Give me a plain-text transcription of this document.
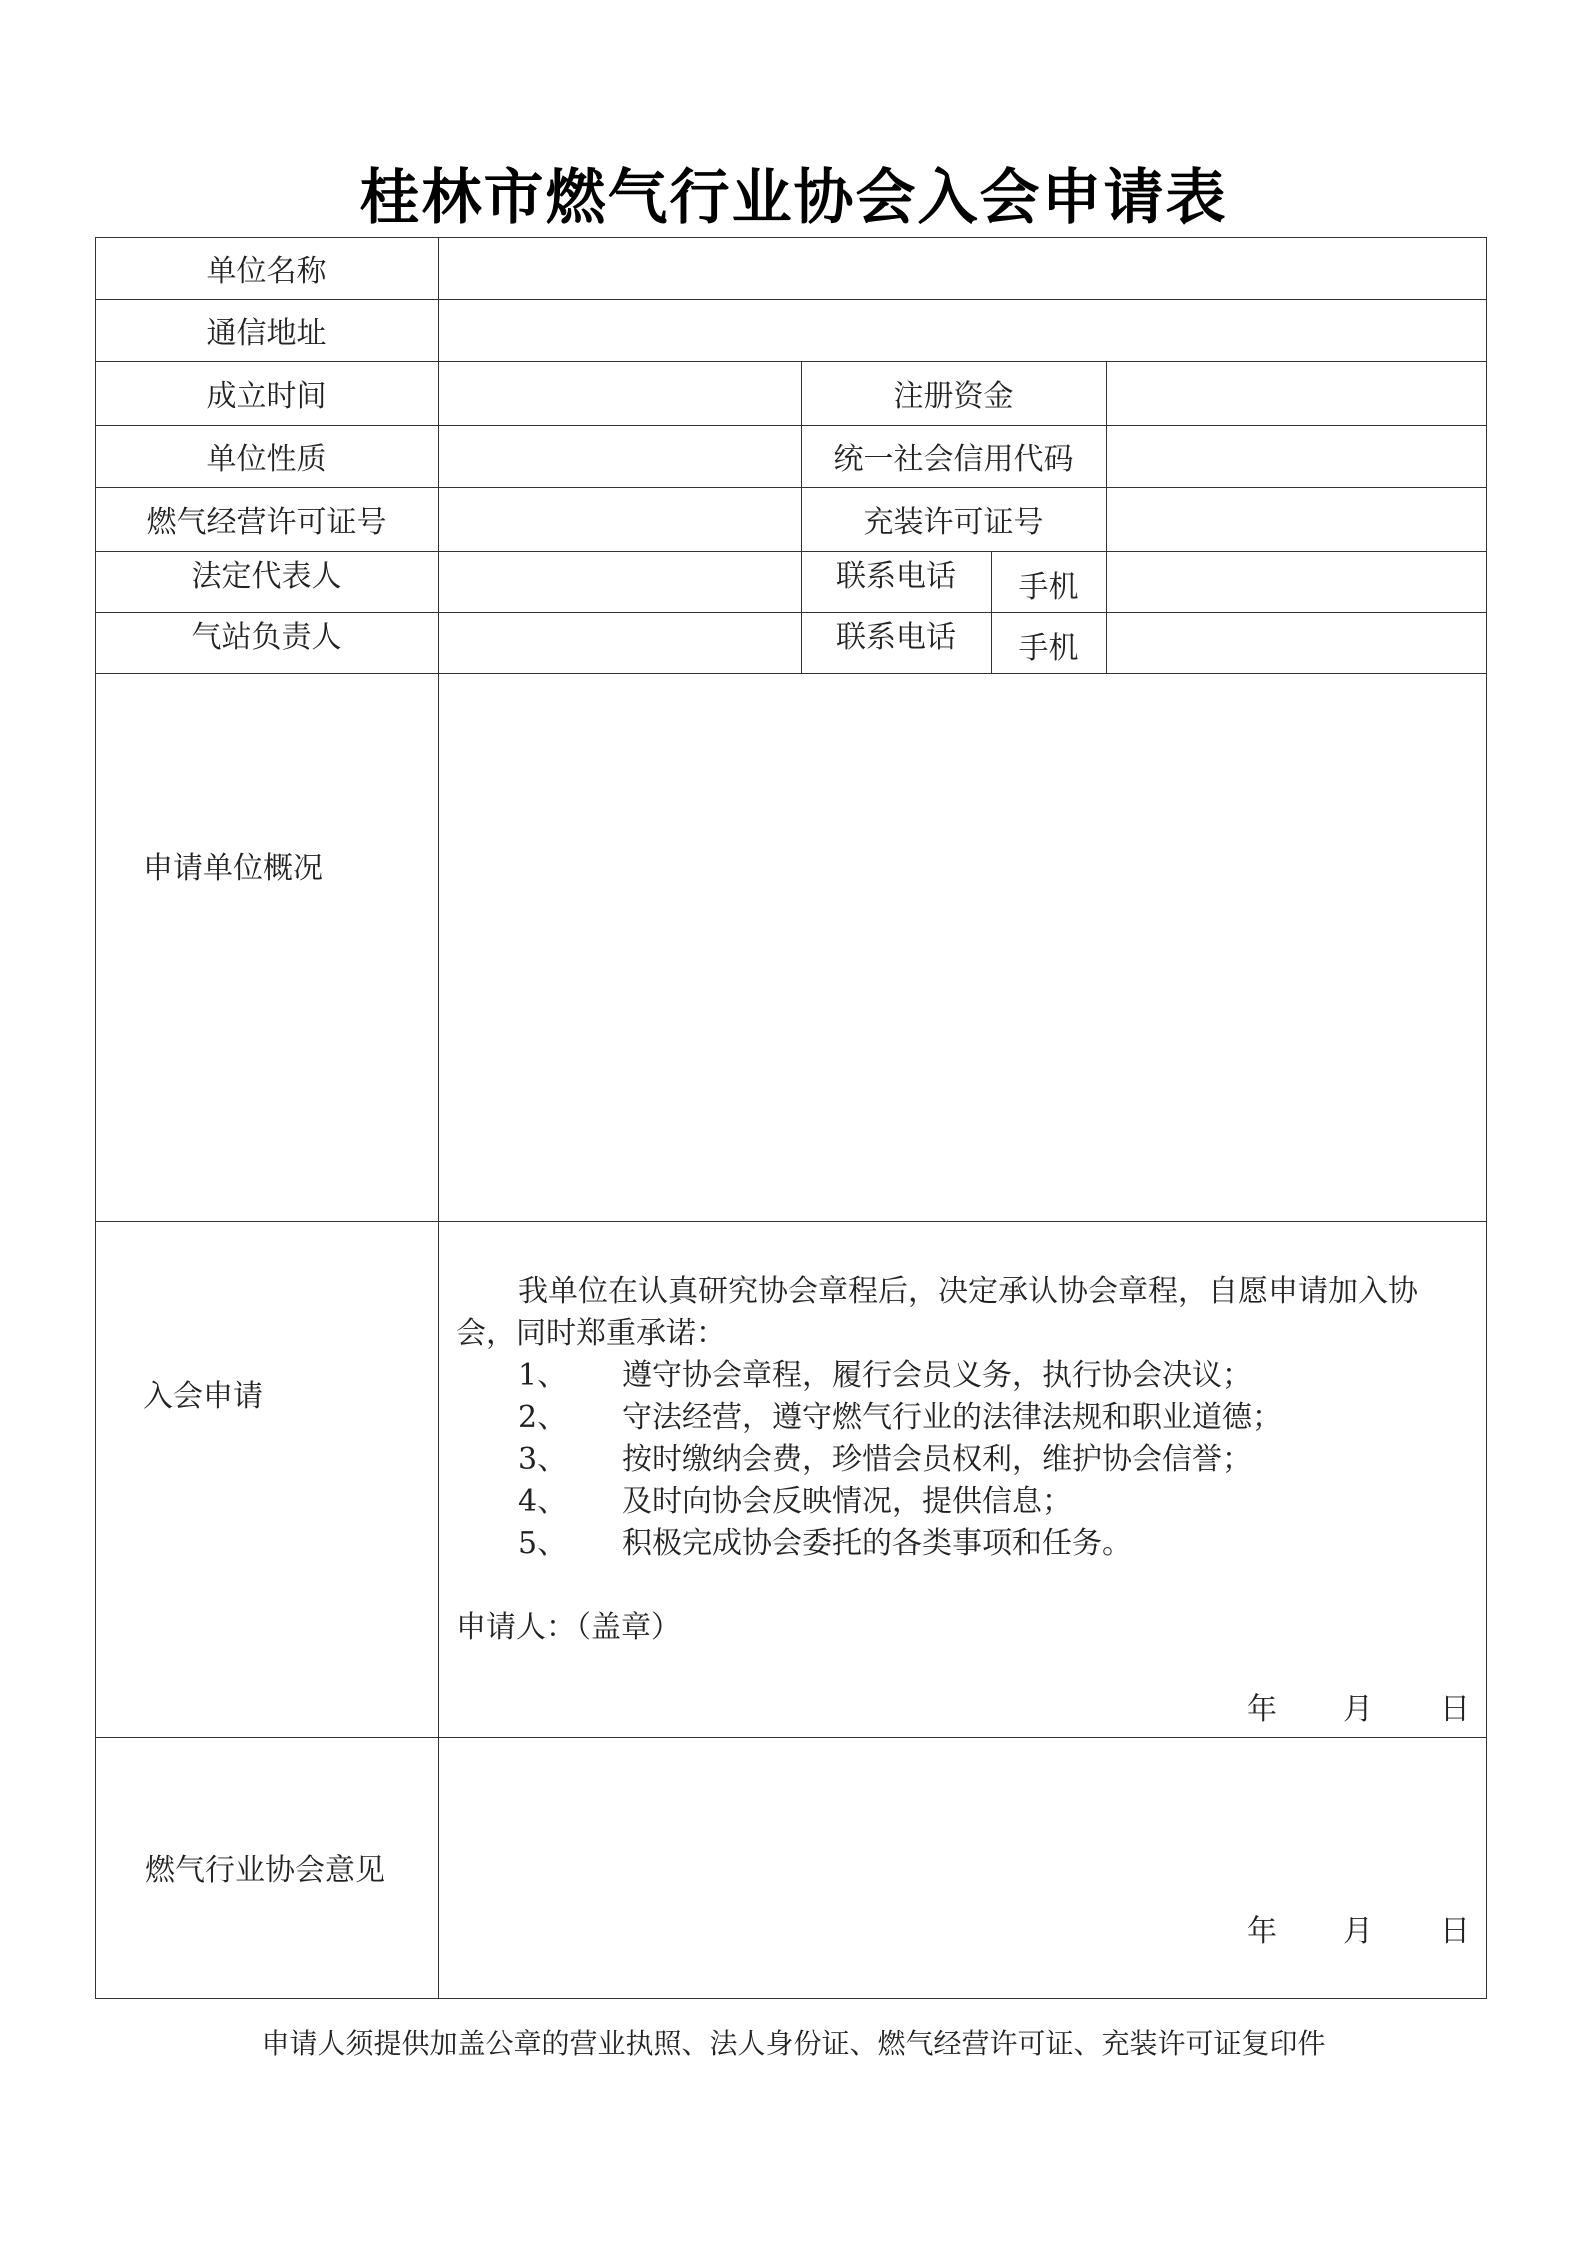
桂林市燃气行业协会入会申请表
单位名称
通信地址
成立时间	注册资金
单位性质	统一社会信用代码
燃气经营许可证号	充装许可证号
法定代表人	联系电话	手机
气站负责人	联系电话	手机
申请单位概况
入会申请
我单位在认真研究协会章程后，决定承认协会章程，自愿申请加入协
会，同时郑重承诺：
1、 遵守协会章程，履行会员义务，执行协会决议；
2、 守法经营，遵守燃气行业的法律法规和职业道德；
3、 按时缴纳会费，珍惜会员权利，维护协会信誉；
4、 及时向协会反映情况，提供信息；
5、 积极完成协会委托的各类事项和任务。
申请人：（盖章）
年 月 日
燃气行业协会意见
年 月 日
申请人须提供加盖公章的营业执照、法人身份证、燃气经营许可证、充装许可证复印件
